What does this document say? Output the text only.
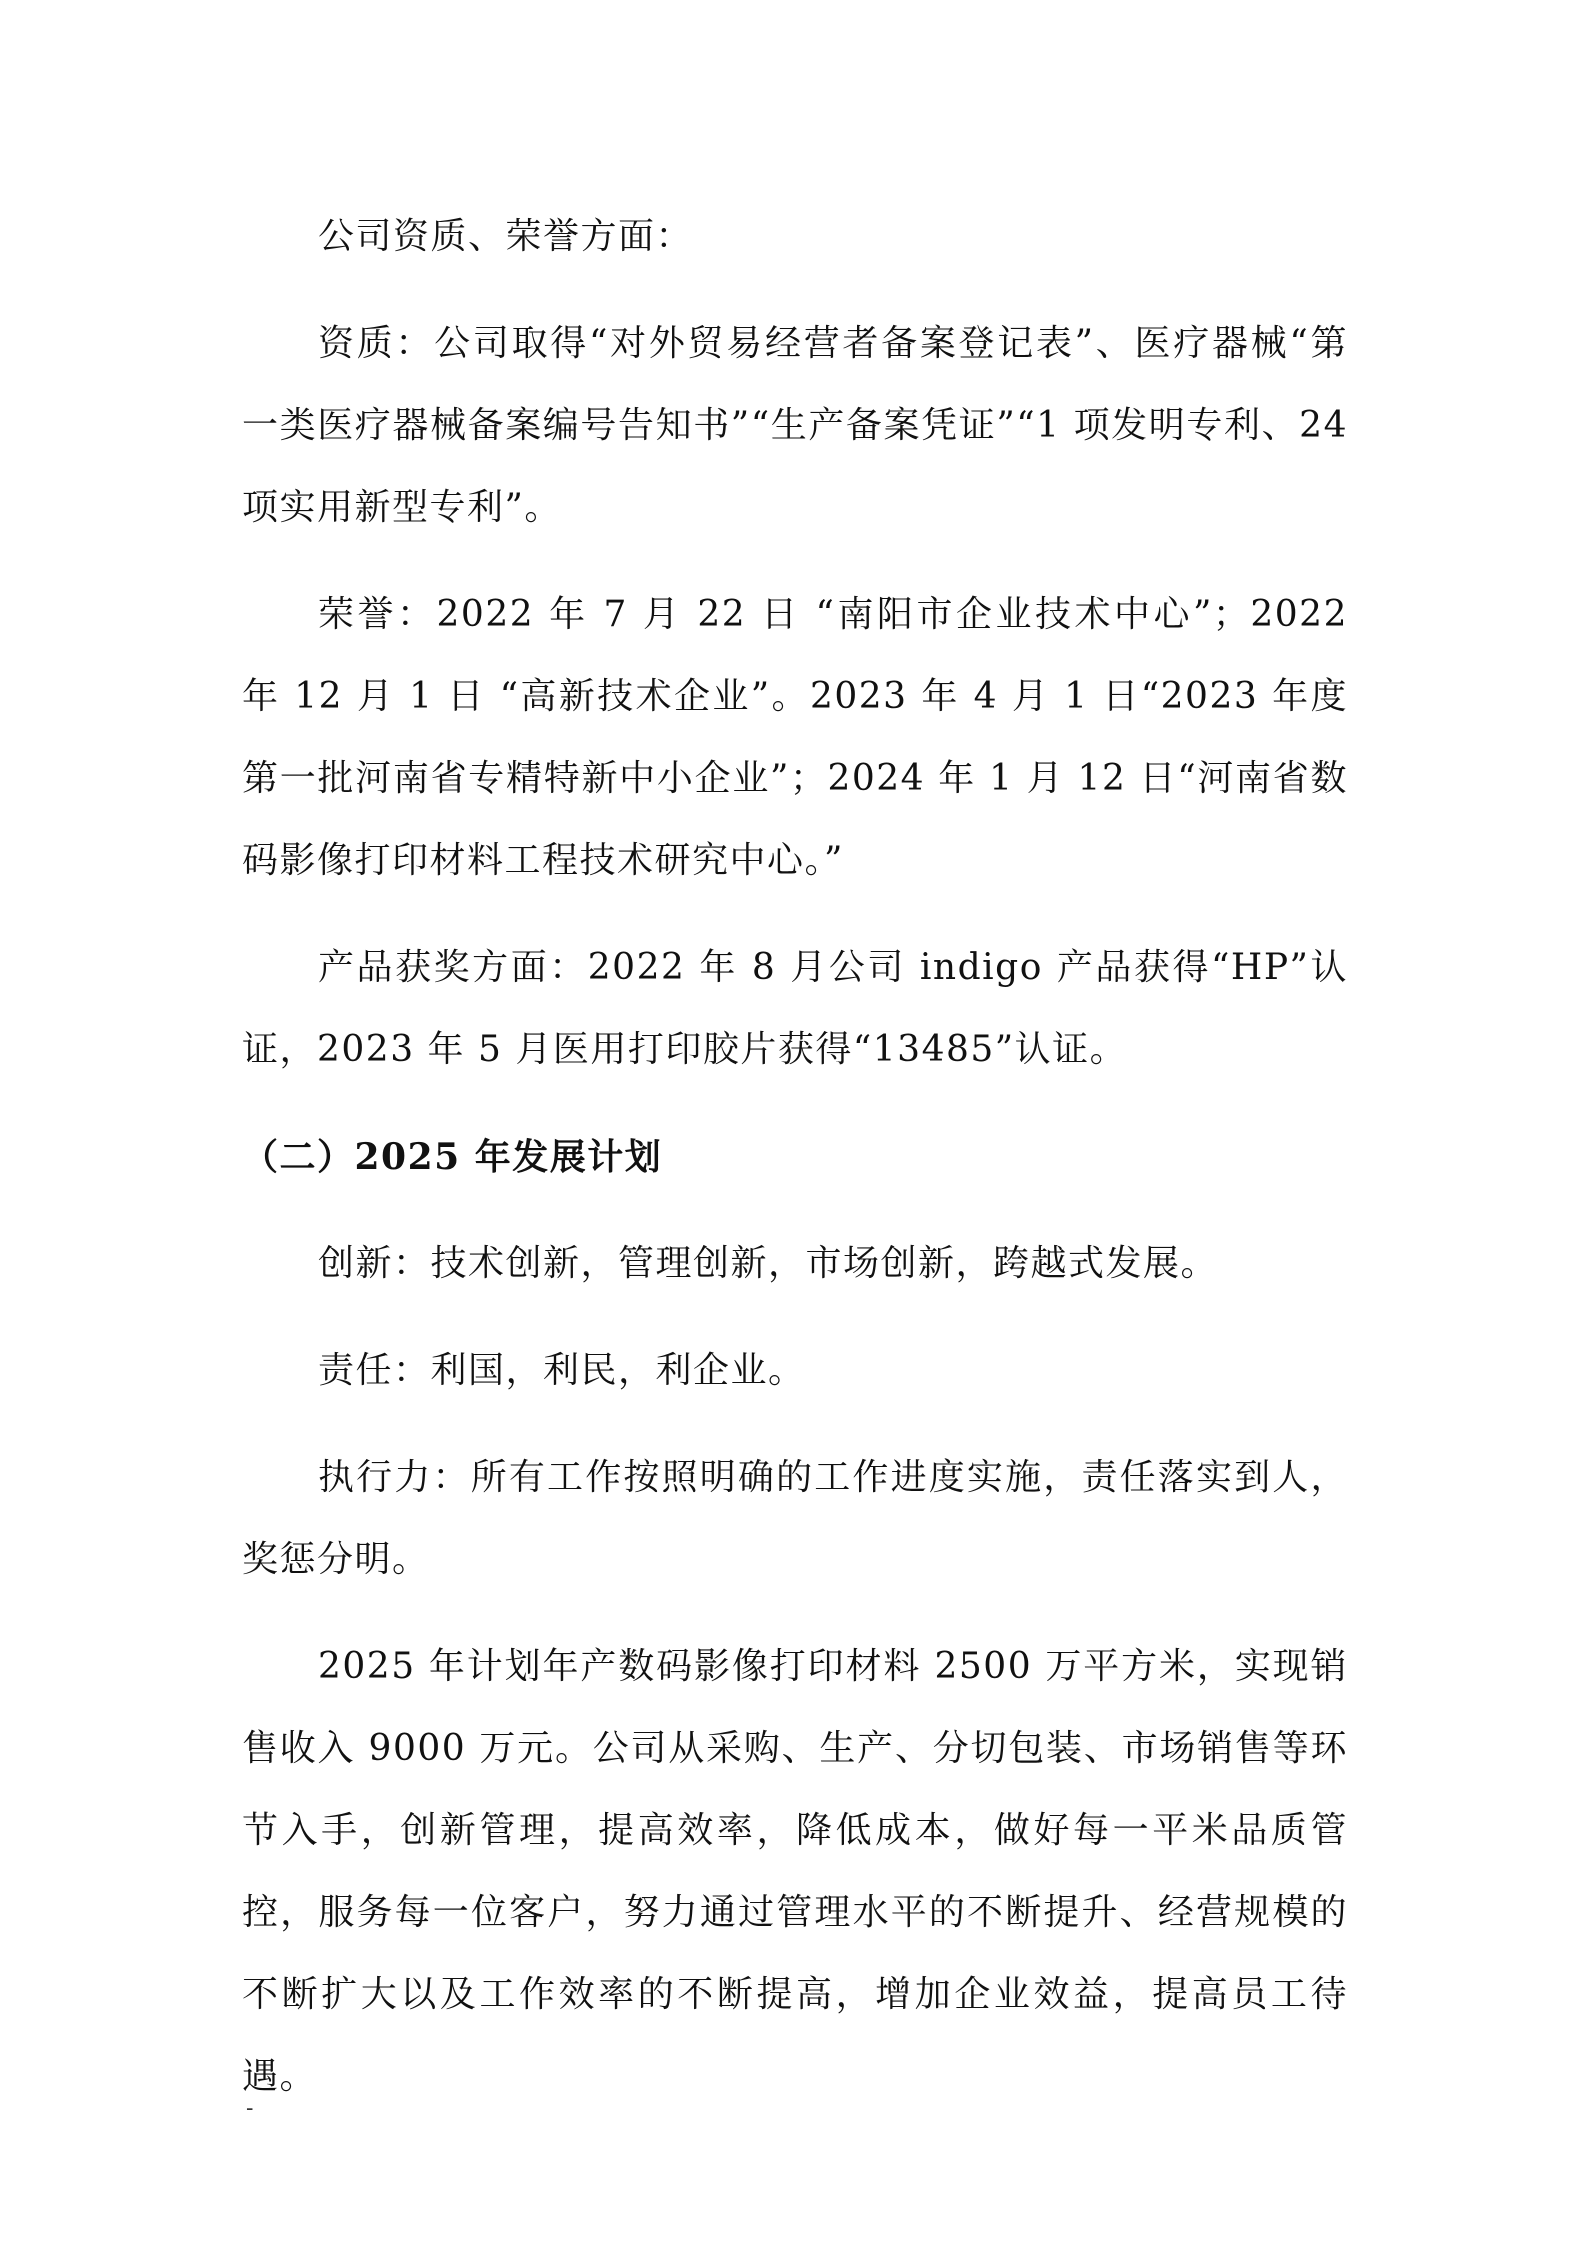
公司资质、荣誉方面：

资质：公司取得“对外贸易经营者备案登记表”、医疗器械“第一类医疗器械备案编号告知书”“生产备案凭证”“1 项发明专利、24 项实用新型专利”。

荣誉：2022 年 7 月 22 日 “南阳市企业技术中心”；2022 年 12 月 1 日 “高新技术企业”。2023 年 4 月 1 日“2023 年度第一批河南省专精特新中小企业”；2024 年 1 月 12 日“河南省数码影像打印材料工程技术研究中心。”

产品获奖方面：2022 年 8 月公司 indigo 产品获得“HP”认证，2023 年 5 月医用打印胶片获得“13485”认证。

（二）2025 年发展计划

创新：技术创新，管理创新，市场创新，跨越式发展。

责任：利国，利民，利企业。

执行力：所有工作按照明确的工作进度实施，责任落实到人，奖惩分明。

2025 年计划年产数码影像打印材料 2500 万平方米，实现销售收入 9000 万元。公司从采购、生产、分切包装、市场销售等环节入手，创新管理，提高效率，降低成本，做好每一平米品质管控，服务每一位客户，努力通过管理水平的不断提升、经营规模的不断扩大以及工作效率的不断提高，增加企业效益，提高员工待遇。

-
